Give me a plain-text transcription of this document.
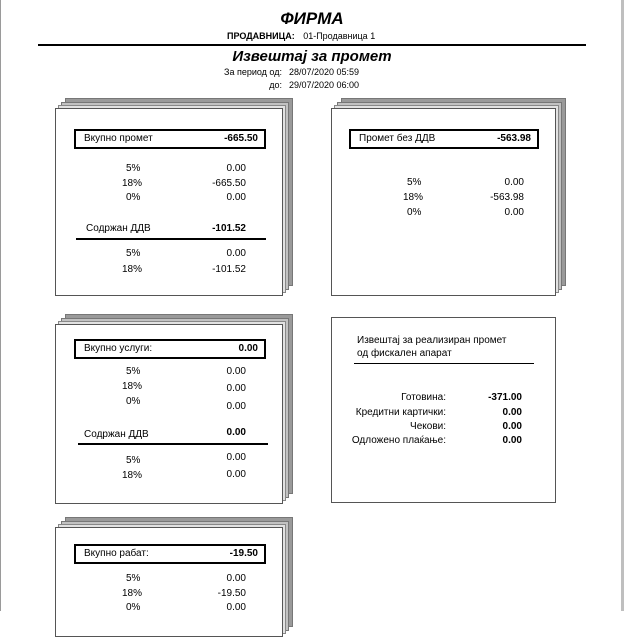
ФИРМА
ПРОДАВНИЦА: 01-Продавница 1
Извештај за промет
За период од: 28/07/2020 05:59
до: 29/07/2020 06:00
Вкупно промет	-665.50
5%	0.00
18%	-665.50
0%	0.00
Содржан ДДВ	-101.52
5%	0.00
18%	-101.52
Промет без ДДВ	-563.98
5%	0.00
18%	-563.98
0%	0.00
Вкупно услуги:	0.00
5%	0.00
18%	0.00
0%	0.00
Содржан ДДВ	0.00
5%	0.00
18%	0.00
Извештај за реализиран промет
од фискален апарат
Готовина:	-371.00
Кредитни картички:	0.00
Чекови:	0.00
Одложено плаќање:	0.00
Вкупно рабат:	-19.50
5%	0.00
18%	-19.50
0%	0.00
